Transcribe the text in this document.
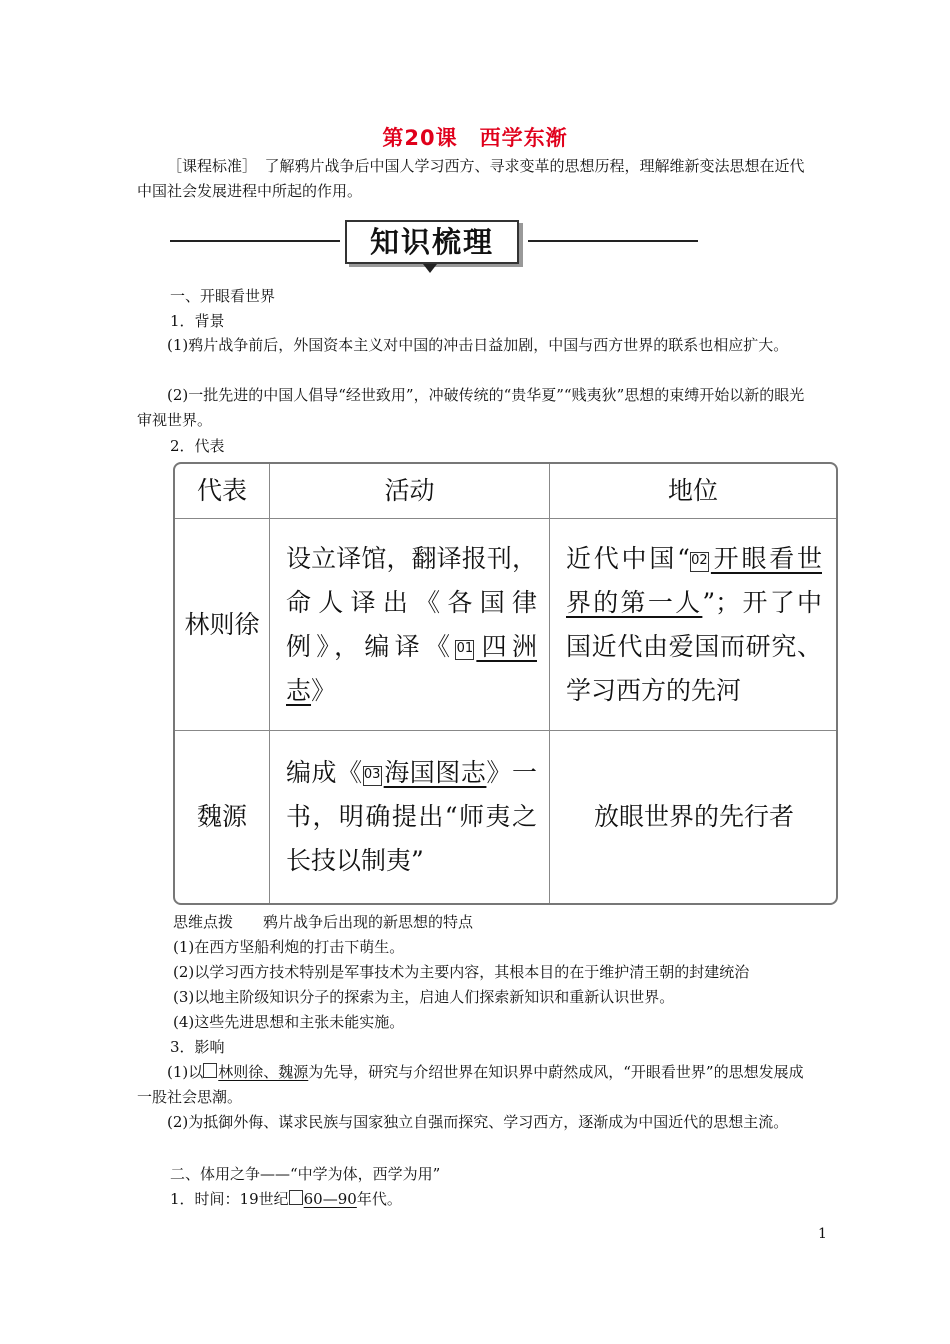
第20课　西学东渐
［课程标准］　了解鸦片战争后中国人学习西方、寻求变革的思想历程，理解维新变法思想在近代中国社会发展进程中所起的作用。
知识梳理
一、开眼看世界
1．背景
(1)鸦片战争前后，外国资本主义对中国的冲击日益加剧，中国与西方世界的联系也相应扩大。
(2)一批先进的中国人倡导“经世致用”，冲破传统的“贵华夏”“贱夷狄”思想的束缚开始以新的眼光审视世界。
2．代表
代表	活动	地位
林则徐	设立译馆，翻译报刊，命人译出《各国律例》，编译《01 四洲志》	近代中国“02 开眼看世界的第一人”；开了中国近代由爱国而研究、学习西方的先河
魏源	编成《03 海国图志》一书，明确提出“师夷之长技以制夷”	放眼世界的先行者
思维点拨 鸦片战争后出现的新思想的特点
(1)在西方坚船利炮的打击下萌生。
(2)以学习西方技术特别是军事技术为主要内容，其根本目的在于维护清王朝的封建统治
(3)以地主阶级知识分子的探索为主，启迪人们探索新知识和重新认识世界。
(4)这些先进思想和主张未能实施。
3．影响
(1)以 林则徐、魏源为先导，研究与介绍世界在知识界中蔚然成风，“开眼看世界”的思想发展成一股社会思潮。
(2)为抵御外侮、谋求民族与国家独立自强而探究、学习西方，逐渐成为中国近代的思想主流。
二、体用之争——“中学为体，西学为用”
1．时间：19世纪 60—90年代。
1
